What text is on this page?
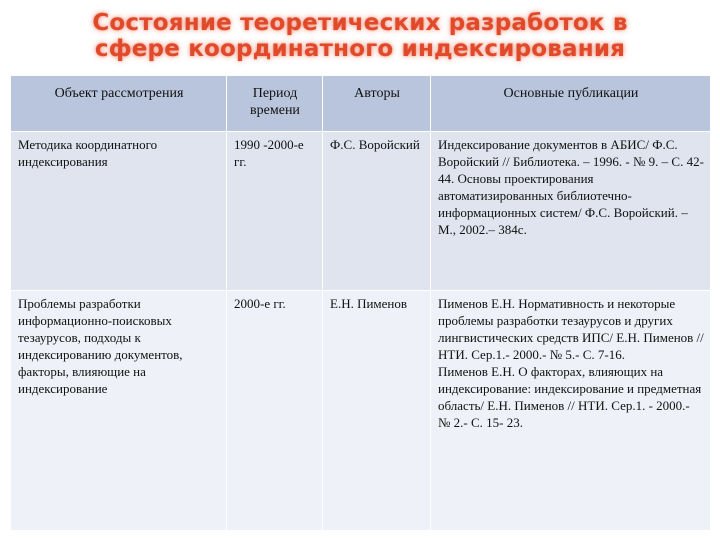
Состояние теоретических разработок в
сфере координатного индексирования
Объект рассмотрения	Период времени	Авторы	Основные публикации
Методика координатного индексирования	1990 -2000-е гг.	Ф.С. Воройский	Индексирование документов в АБИС/ Ф.С. Воройский // Библиотека. – 1996. - № 9. – С. 42-44. Основы проектирования автоматизированных библиотечно-информационных систем/ Ф.С. Воройский. – М., 2002.– 384с.
Проблемы разработки информационно-поисковых тезаурусов, подходы к индексированию документов, факторы, влияющие на индексирование	2000-е гг.	Е.Н. Пименов	Пименов Е.Н. Нормативность и некоторые проблемы разработки тезаурусов и других лингвистических средств ИПС/ Е.Н. Пименов // НТИ. Сер.1.- 2000.- № 5.- С. 7-16.
Пименов Е.Н. О факторах, влияющих на индексирование: индексирование и предметная область/ Е.Н. Пименов // НТИ. Сер.1. - 2000.- № 2.- С. 15- 23.
